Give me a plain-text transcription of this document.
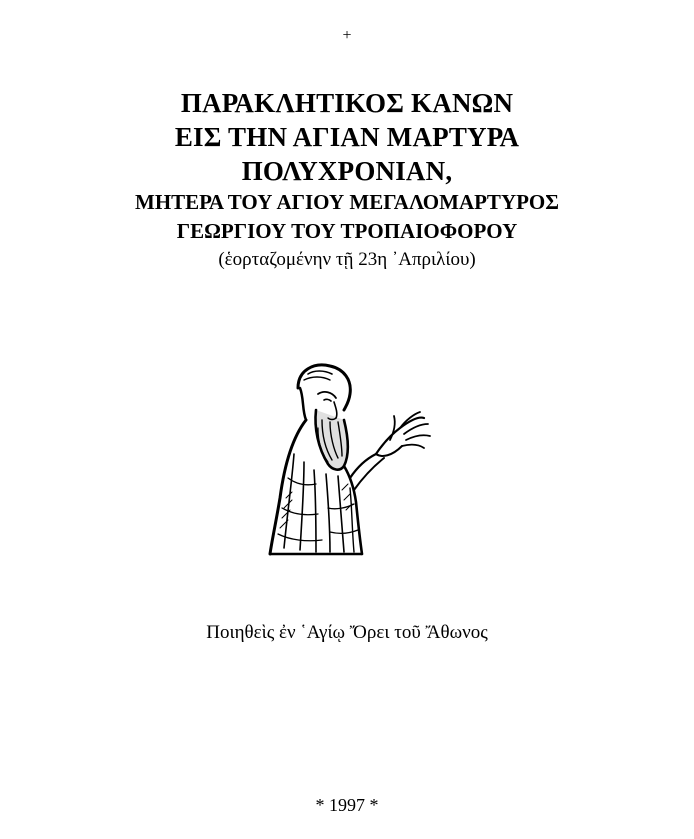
+
ΠΑΡΑΚΛΗΤΙΚΟΣ ΚΑΝΩΝ
ΕΙΣ ΤΗΝ ΑΓΙΑΝ ΜΑΡΤΥΡΑ
ΠΟΛΥΧΡΟΝΙΑΝ,
ΜΗΤΕΡΑ ΤΟΥ ΑΓΙΟΥ ΜΕΓΑΛΟΜΑΡΤΥΡΟΣ
ΓΕΩΡΓΙΟΥ ΤΟΥ ΤΡΟΠΑΙΟΦΟΡΟΥ
(ἑορταζομένην τῇ 23η ᾿Απριλίου)
Ποιηθεὶς ἐν ῾Αγίῳ Ὄρει τοῦ Ἄθωνος
* 1997 *
